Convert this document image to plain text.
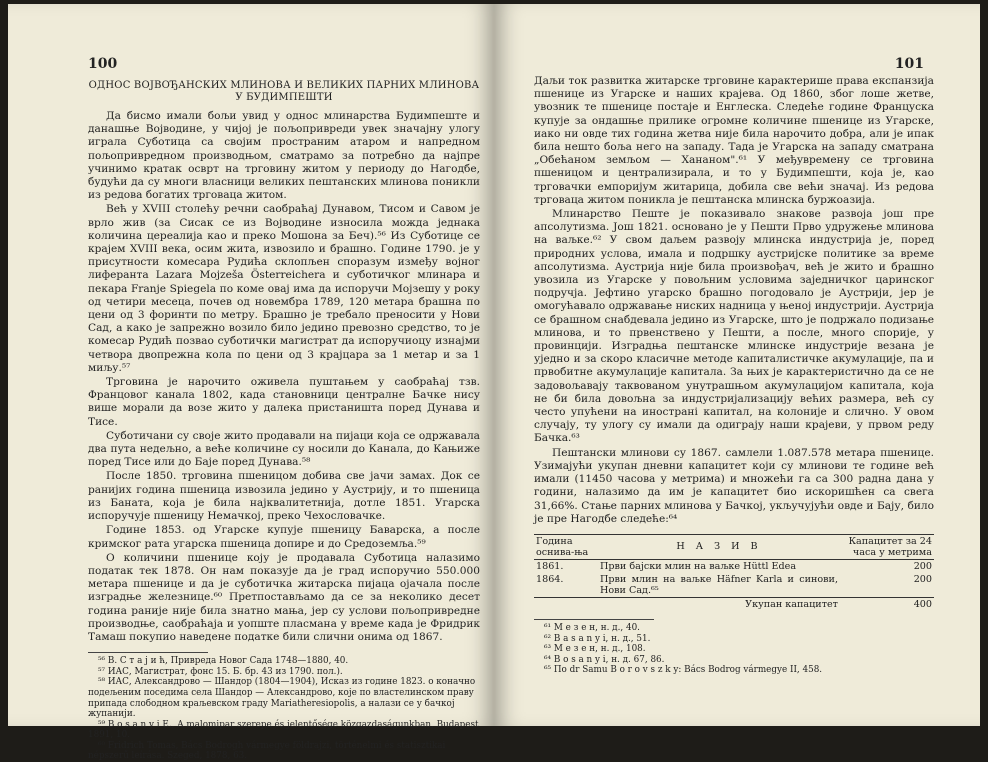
100
ОДНОС ВОЈВОЂАНСКИХ МЛИНОВА И ВЕЛИКИХ ПАРНИХ МЛИНОВА У БУДИМПЕШТИ

Да бисмо имали бољи увид у однос млинарства Будимпеште и данашње Војводине, у чијој је пољопривреди увек значајну улогу играла Суботица са својим пространим атаром и напредном пољопривредном производњом, сматрамо за потребно да најпре учинимо кратак осврт на трговину житом у периоду до Нагодбе, будући да су многи власници великих пештанских млинова поникли из редова богатих трговаца житом.

Већ у XVIII столећу речни саобраћај Дунавом, Тисом и Савом је врло жив (за Сисак се из Војводине износила можда једнака количина цереалија као и преко Мошона за Беч).⁵⁶ Из Суботице се крајем XVIII века, осим жита, извозило и брашно. Године 1790. је у присутности комесара Рудића склопљен споразум између војног лиферанта Lazara Mojzeša Österreichera и суботичког млинара и пекара Franje Spiegela по коме овај има да испоручи Мојзешу у року од четири месеца, почев од новембра 1789, 120 метара брашна по цени од 3 форинти по метру. Брашно је требало преносити у Нови Сад, а како је запрежно возило било једино превозно средство, то је комесар Рудић позвао суботички магистрат да испоручиоцу изнајми четвора двопрежна кола по цени од 3 крајцара за 1 метар и за 1 миљу.⁵⁷

Трговина је нарочито оживела пуштањем у саобраћај тзв. Францовог канала 1802, када становници централне Бачке нису више морали да возе жито у далека пристаништа поред Дунава и Тисе.

Суботичани су своје жито продавали на пијаци која се одржавала два пута недељно, а веће количине су носили до Канала, до Кањиже поред Тисе или до Баје поред Дунава.⁵⁸

После 1850. трговина пшеницом добива све јачи замах. Док се ранијих година пшеница извозила једино у Аустрију, и то пшеница из Баната, која је била најквалитетнија, дотле 1851. Угарска испоручује пшеницу Немачкој, преко Чехословачке.

Године 1853. од Угарске купује пшеницу Баварска, а после кримског рата угарска пшеница допире и до Средоземља.⁵⁹

О количини пшенице коју је продавала Суботица налазимо податак тек 1878. Он нам показује да је град испоручио 550.000 метара пшенице и да је суботичка житарска пијаца ојачала после изградње железнице.⁶⁰ Претпостављамо да се за неколико десет година раније није била знатно мања, јер су услови пољопривредне производње, саобраћаја и уопште пласмана у време када је Фридрик Тамаш покупио наведене податке били слични онима од 1867.

⁵⁶ В. С т а ј и ћ, Привреда Новог Сада 1748—1880, 40.

⁵⁷ ИАС, Магистрат, фонс 15. Б. бр. 43 из 1790. пол.).

⁵⁸ ИАС, Александрово — Шандор (1804—1904), Исказ из године 1823. о коначно подељеним поседима села Шандор — Александрово, које по властелинском праву припада слободном краљевском граду Mariatheresiopolis, а налази се у бачкој жупанији.

⁵⁹ B o s a n y i E., A malomipar szerepe és jelentősége közgazdaságunkban, Budapest 1891, 10.

⁶⁰ Fridrich Tomas, Bács Bodrogh vármegye földrajzi, történelmi és statisztikai népszerű leírása. Szeged, 1878, 63.

101

Даљи ток развитка житарске трговине карактеришe права експанзија пшенице из Угарске и наших крајева. Од 1860, због лоше жетве, увозник те пшенице постаје и Енглеска. Следеће године Француска купује за ондашње прилике огромне количине пшенице из Угарске, иако ни овде тих година жетва није била нарочито добра, али је ипак била нешто боља него на западу. Тада је Угарска на западу сматрана „Обећаном земљом — Хананом".⁶¹ У међувремену се трговина пшеницом и централизирала, и то у Будимпешти, која је, као трговачки емпориjум житарица, добила све већи значај. Из редова трговаца житом поникла је пештанска млинска буржоазија.

Млинарство Пеште је показивало знакове развоја још пре апсолутизма. Још 1821. основано је у Пешти Прво удружење млинова на ваљке.⁶² У свом даљем развоју млинска индустрија је, поред природних услова, имала и подршку аустријске политике за време апсолутизма. Аустрија није била произвођач, већ је жито и брашно увозила из Угарске у повољним условима заједничког царинског подручја. Јефтино угарско брашно погодовало је Аустрији, јер је омогућавало одржавање ниских надница у њеној индустрији. Аустрија се брашном снабдевала једино из Угарске, што је подржало подизање млинова, и то првенствено у Пешти, а после, много спорије, у провинцији. Изградња пештанске млинске индустрије везана је уједно и за скоро класичне методе капиталистичке акумулације, па и првобитне акумулације капитала. За њих је карактеристично да се не задовољавају таквованом унутрашњом акумулацијом капитала, која не би била довољна за индустријализацију већих размера, већ су често упућени на иностранi капитал, на колоније и слично. У овом случају, ту улогу су имали да одиграју наши крајеви, у првом реду Бачка.⁶³

Пештански млинови су 1867. самлели 1.087.578 метара пшенице. Узимајући укупан дневни капацитет који су млинови те године већ имали (11450 часова у метрима) и множећи га са 300 радна дана у години, налазимо да им је капацитет био искоришћен са свега 31,66%. Стање парних млинова у Бачкој, укључујући овде и Бају, било је пре Нагодбе следеће:⁶⁴

Година оснива-ња	Н А З И В	Капацитет за 24 часа у метрима
1861.	Први бајски млин на ваљке Hüttl Edea	200
1864.	Први млин на ваљке Häfner Karla и синови, Нови Сад.⁶⁵	200
	Укупан капацитет	400

⁶¹ М е з е н, н. д., 40.

⁶² B a s a n y i, н. д., 51.

⁶³ М е з е н, н. д., 108.

⁶⁴ B o s a n y i, н. д. 67, 86.

⁶⁵ По dr Samu B o r o v s z k y: Bács Bodrog vármegye II, 458.
